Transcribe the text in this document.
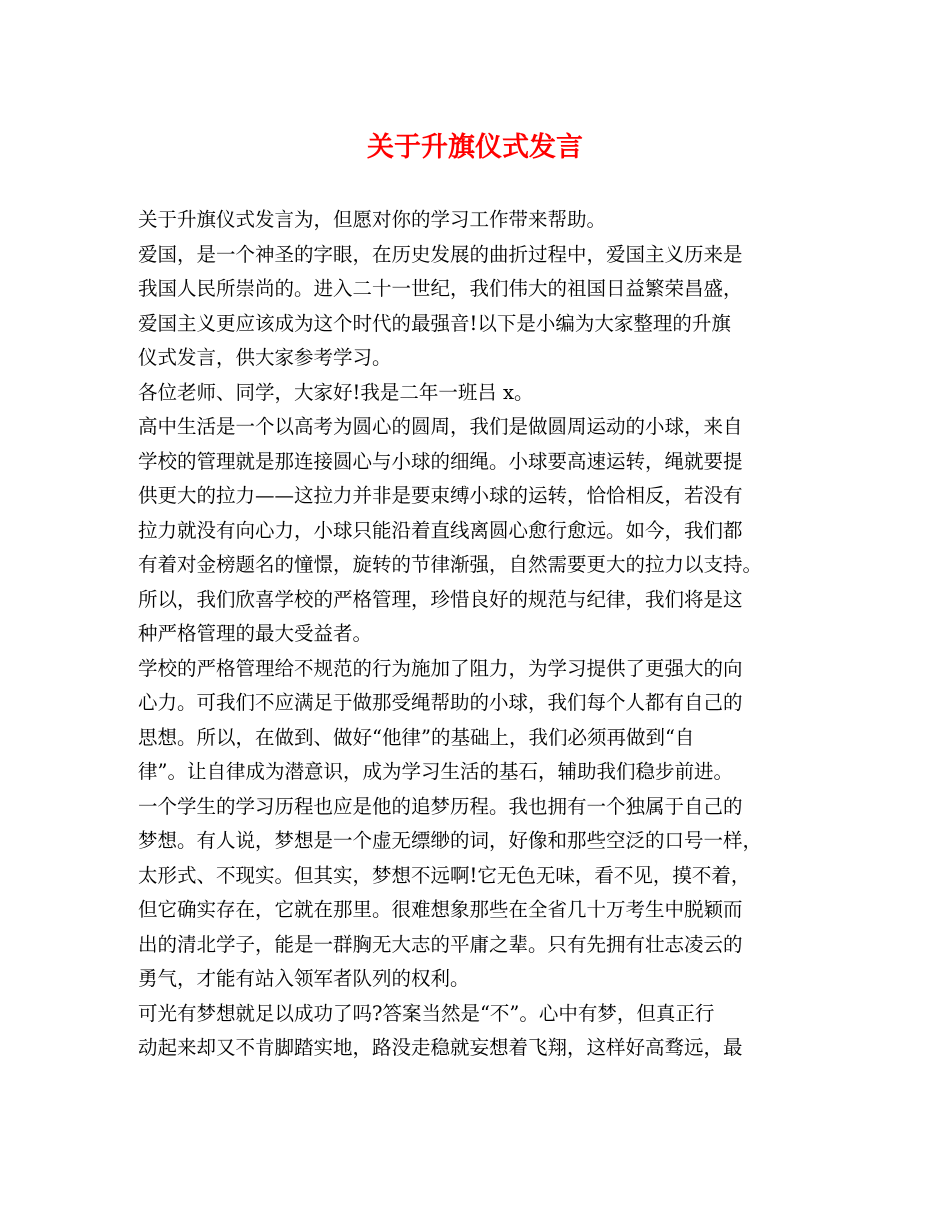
关于升旗仪式发言
关于升旗仪式发言为，但愿对你的学习工作带来帮助。
爱国，是一个神圣的字眼，在历史发展的曲折过程中，爱国主义历来是
我国人民所崇尚的。进入二十一世纪，我们伟大的祖国日益繁荣昌盛，
爱国主义更应该成为这个时代的最强音!以下是小编为大家整理的升旗
仪式发言，供大家参考学习。
各位老师、同学，大家好!我是二年一班吕 x。
高中生活是一个以高考为圆心的圆周，我们是做圆周运动的小球，来自
学校的管理就是那连接圆心与小球的细绳。小球要高速运转，绳就要提
供更大的拉力——这拉力并非是要束缚小球的运转，恰恰相反，若没有
拉力就没有向心力，小球只能沿着直线离圆心愈行愈远。如今，我们都
有着对金榜题名的憧憬，旋转的节律渐强，自然需要更大的拉力以支持。
所以，我们欣喜学校的严格管理，珍惜良好的规范与纪律，我们将是这
种严格管理的最大受益者。
学校的严格管理给不规范的行为施加了阻力，为学习提供了更强大的向
心力。可我们不应满足于做那受绳帮助的小球，我们每个人都有自己的
思想。所以，在做到、做好“他律”的基础上，我们必须再做到“自
律”。让自律成为潜意识，成为学习生活的基石，辅助我们稳步前进。
一个学生的学习历程也应是他的追梦历程。我也拥有一个独属于自己的
梦想。有人说，梦想是一个虚无缥缈的词，好像和那些空泛的口号一样，
太形式、不现实。但其实，梦想不远啊!它无色无味，看不见，摸不着，
但它确实存在，它就在那里。很难想象那些在全省几十万考生中脱颖而
出的清北学子，能是一群胸无大志的平庸之辈。只有先拥有壮志凌云的
勇气，才能有站入领军者队列的权利。
可光有梦想就足以成功了吗?答案当然是“不”。心中有梦，但真正行
动起来却又不肯脚踏实地，路没走稳就妄想着飞翔，这样好高骛远，最
